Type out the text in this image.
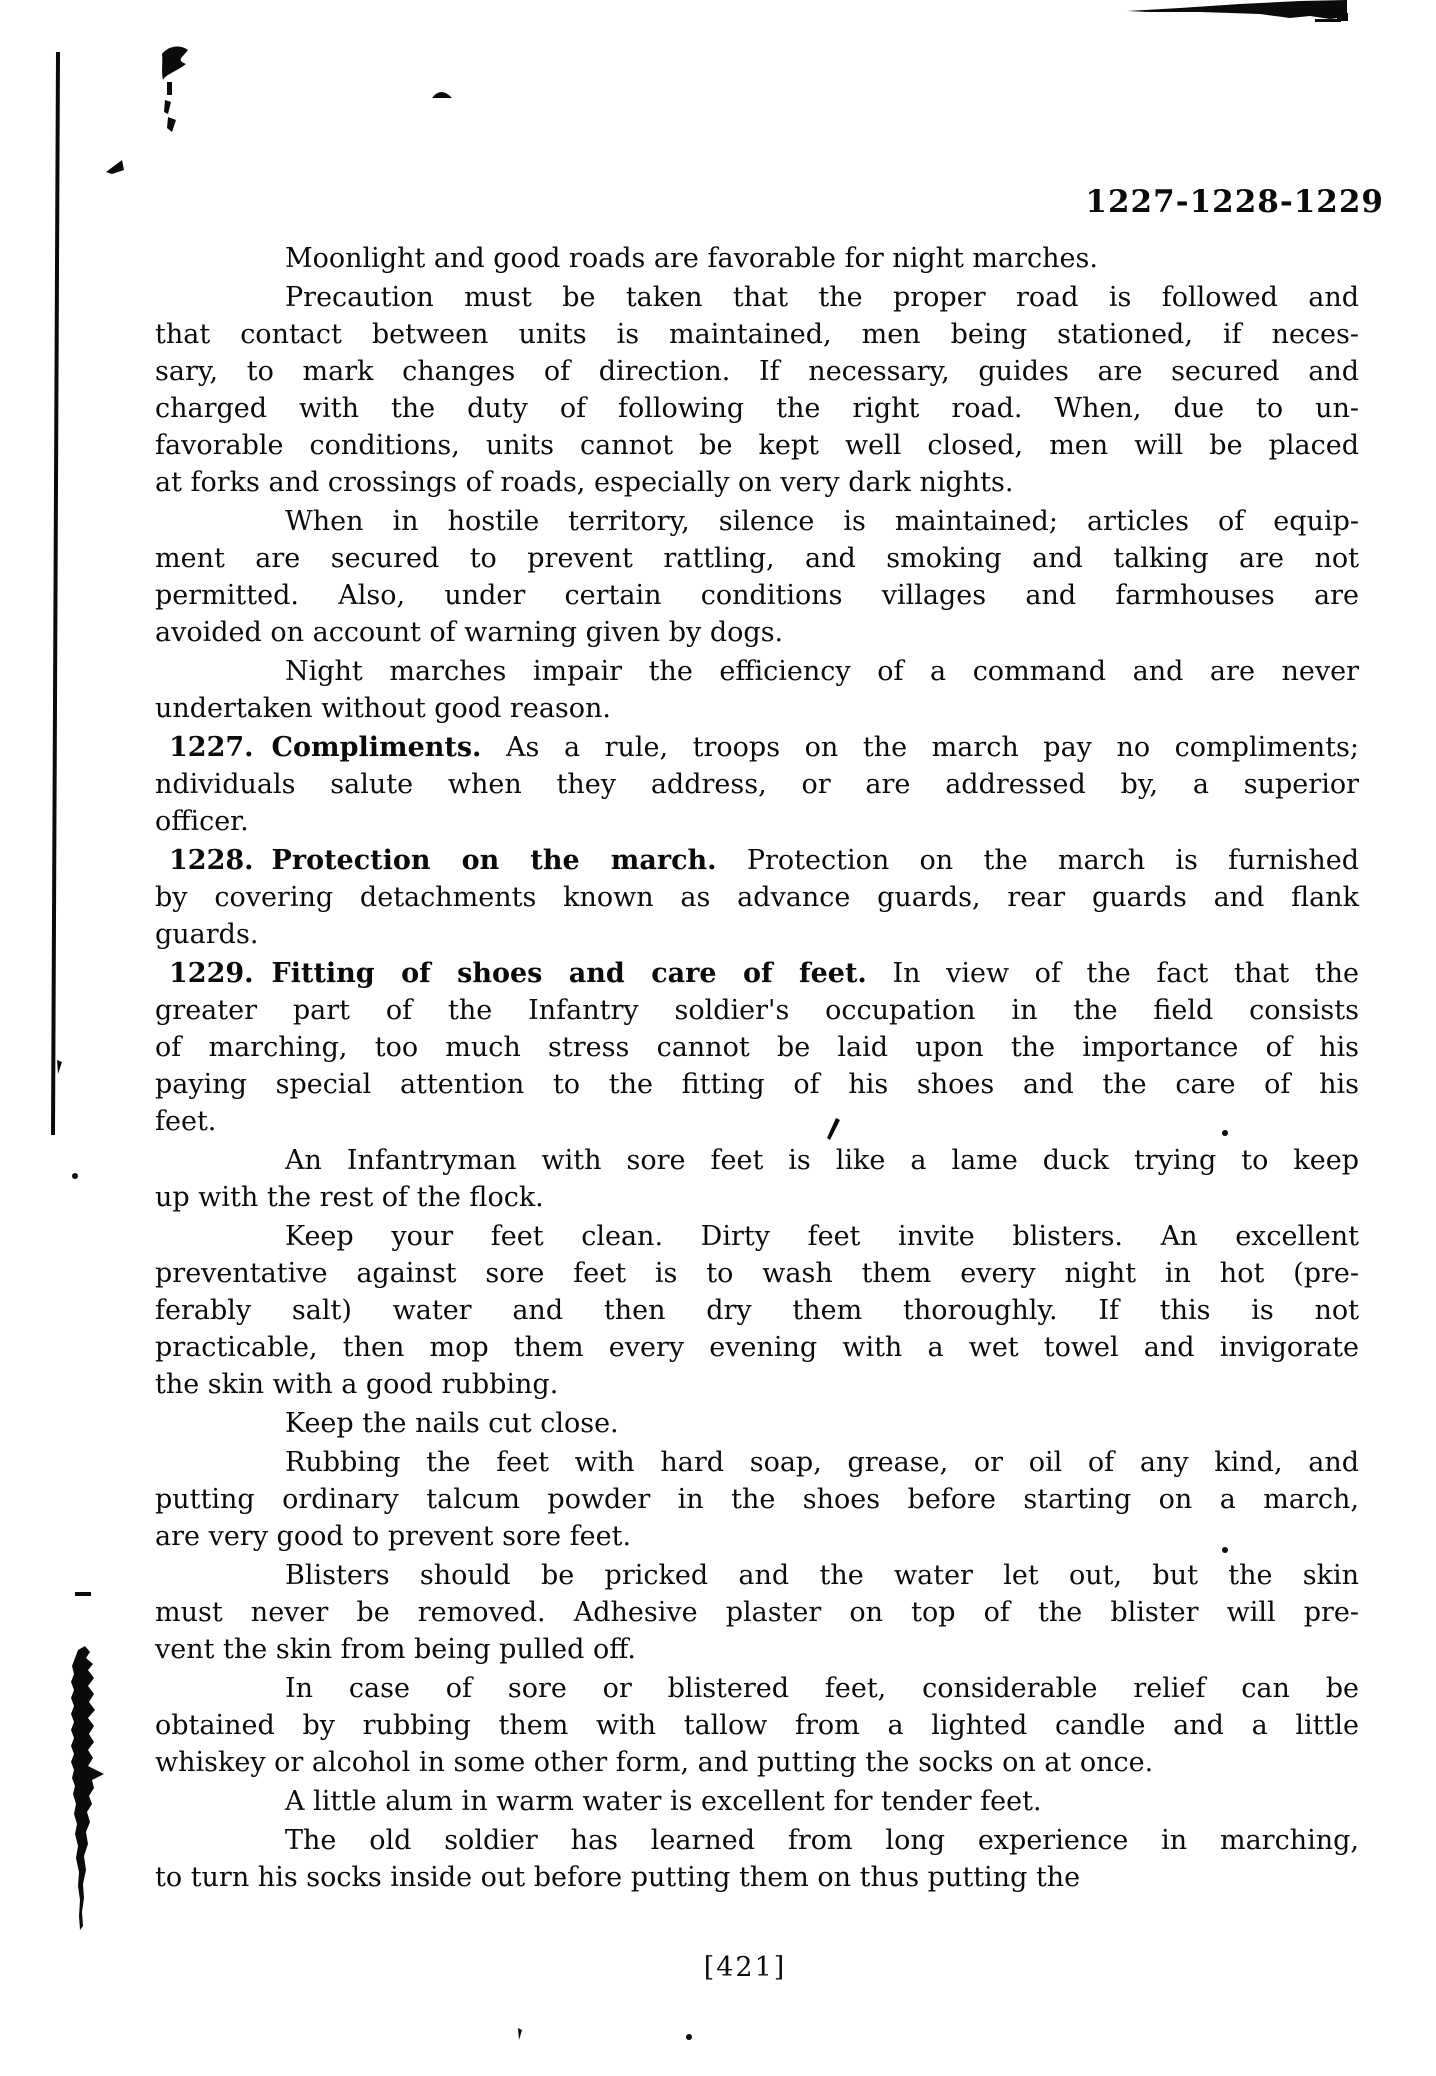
1227-1228-1229
Moonlight and good roads are favorable for night marches.
Precaution must be taken that the proper road is followed and
that contact between units is maintained, men being stationed, if neces-
sary, to mark changes of direction. If necessary, guides are secured and
charged with the duty of following the right road. When, due to un-
favorable conditions, units cannot be kept well closed, men will be placed
at forks and crossings of roads, especially on very dark nights.
When in hostile territory, silence is maintained; articles of equip-
ment are secured to prevent rattling, and smoking and talking are not
permitted. Also, under certain conditions villages and farmhouses are
avoided on account of warning given by dogs.
Night marches impair the efficiency of a command and are never
undertaken without good reason.
1227. Compliments. As a rule, troops on the march pay no compliments;
ndividuals salute when they address, or are addressed by, a superior
officer.
1228. Protection on the march. Protection on the march is furnished
by covering detachments known as advance guards, rear guards and flank
guards.
1229. Fitting of shoes and care of feet. In view of the fact that the
greater part of the Infantry soldier's occupation in the field consists
of marching, too much stress cannot be laid upon the importance of his
paying special attention to the fitting of his shoes and the care of his
feet.
An Infantryman with sore feet is like a lame duck trying to keep
up with the rest of the flock.
Keep your feet clean. Dirty feet invite blisters. An excellent
preventative against sore feet is to wash them every night in hot (pre-
ferably salt) water and then dry them thoroughly. If this is not
practicable, then mop them every evening with a wet towel and invigorate
the skin with a good rubbing.
Keep the nails cut close.
Rubbing the feet with hard soap, grease, or oil of any kind, and
putting ordinary talcum powder in the shoes before starting on a march,
are very good to prevent sore feet.
Blisters should be pricked and the water let out, but the skin
must never be removed. Adhesive plaster on top of the blister will pre-
vent the skin from being pulled off.
In case of sore or blistered feet, considerable relief can be
obtained by rubbing them with tallow from a lighted candle and a little
whiskey or alcohol in some other form, and putting the socks on at once.
A little alum in warm water is excellent for tender feet.
The old soldier has learned from long experience in marching,
to turn his socks inside out before putting them on thus putting the
[421]
